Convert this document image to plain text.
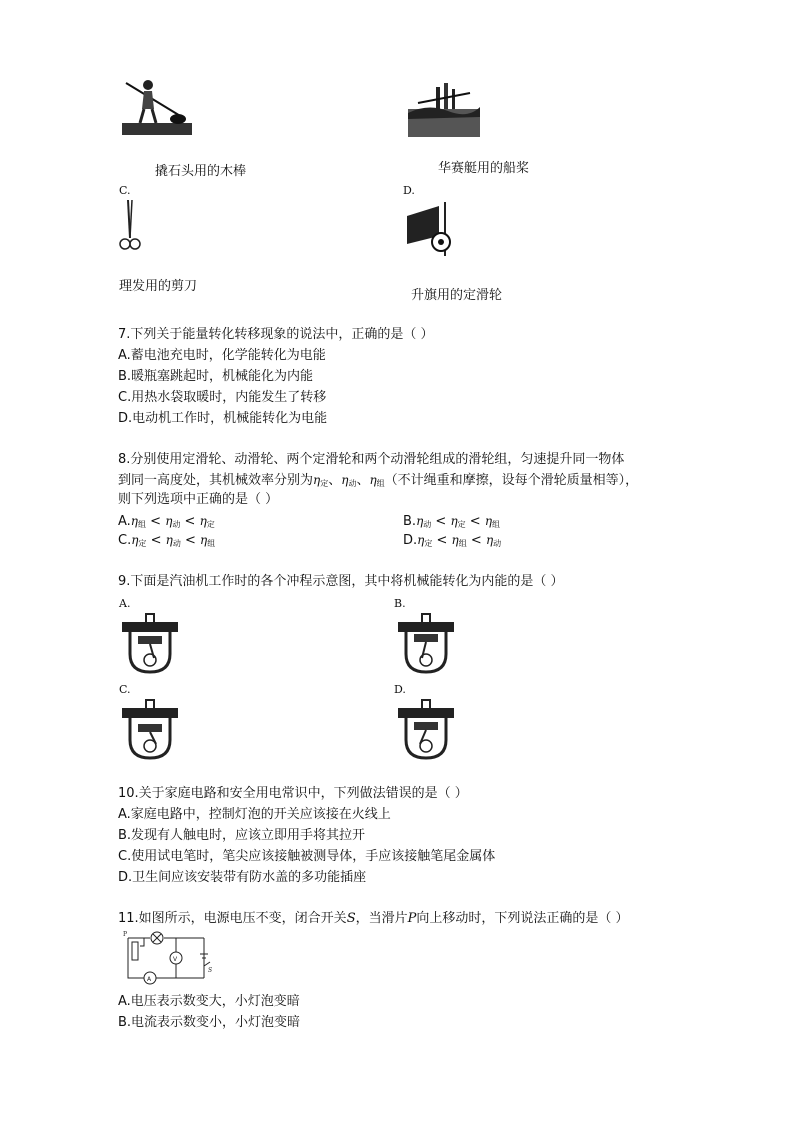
撬石头用的木棒	华赛艇用的船桨
C.
理发用的剪刀
D.
升旗用的定滑轮
7.下列关于能量转化转移现象的说法中，正确的是（ ）
A.蓄电池充电时，化学能转化为电能
B.暖瓶塞跳起时，机械能化为内能
C.用热水袋取暖时，内能发生了转移
D.电动机工作时，机械能转化为电能
8.分别使用定滑轮、动滑轮、两个定滑轮和两个动滑轮组成的滑轮组，匀速提升同一物体
到同一高度处，其机械效率分别为$\eta_定$、$\eta_动$、$\eta_组$（不计绳重和摩擦，设每个滑轮质量相等），
则下列选项中正确的是（ ）
$A.\eta_组 < \eta_动 < \eta_定$	$B.\eta_动 < \eta_定 < \eta_组$
$C.\eta_定 < \eta_动 < \eta_组$	$D.\eta_定 < \eta_组 < \eta_动$
9.下面是汽油机工作时的各个冲程示意图，其中将机械能转化为内能的是（ ）
A.	B.
C.	D.
10.关于家庭电路和安全用电常识中，下列做法错误的是（ ）
A.家庭电路中，控制灯泡的开关应该接在火线上
B.发现有人触电时，应该立即用手将其拉开
C.使用试电笔时，笔尖应该接触被测导体，手应该接触笔尾金属体
D.卫生间应该安装带有防水盖的多功能插座
11.如图所示，电源电压不变，闭合开关S，当滑片P向上移动时，下列说法正确的是（ ）
P
V
A
S
A.电压表示数变大，小灯泡变暗
B.电流表示数变小，小灯泡变暗
